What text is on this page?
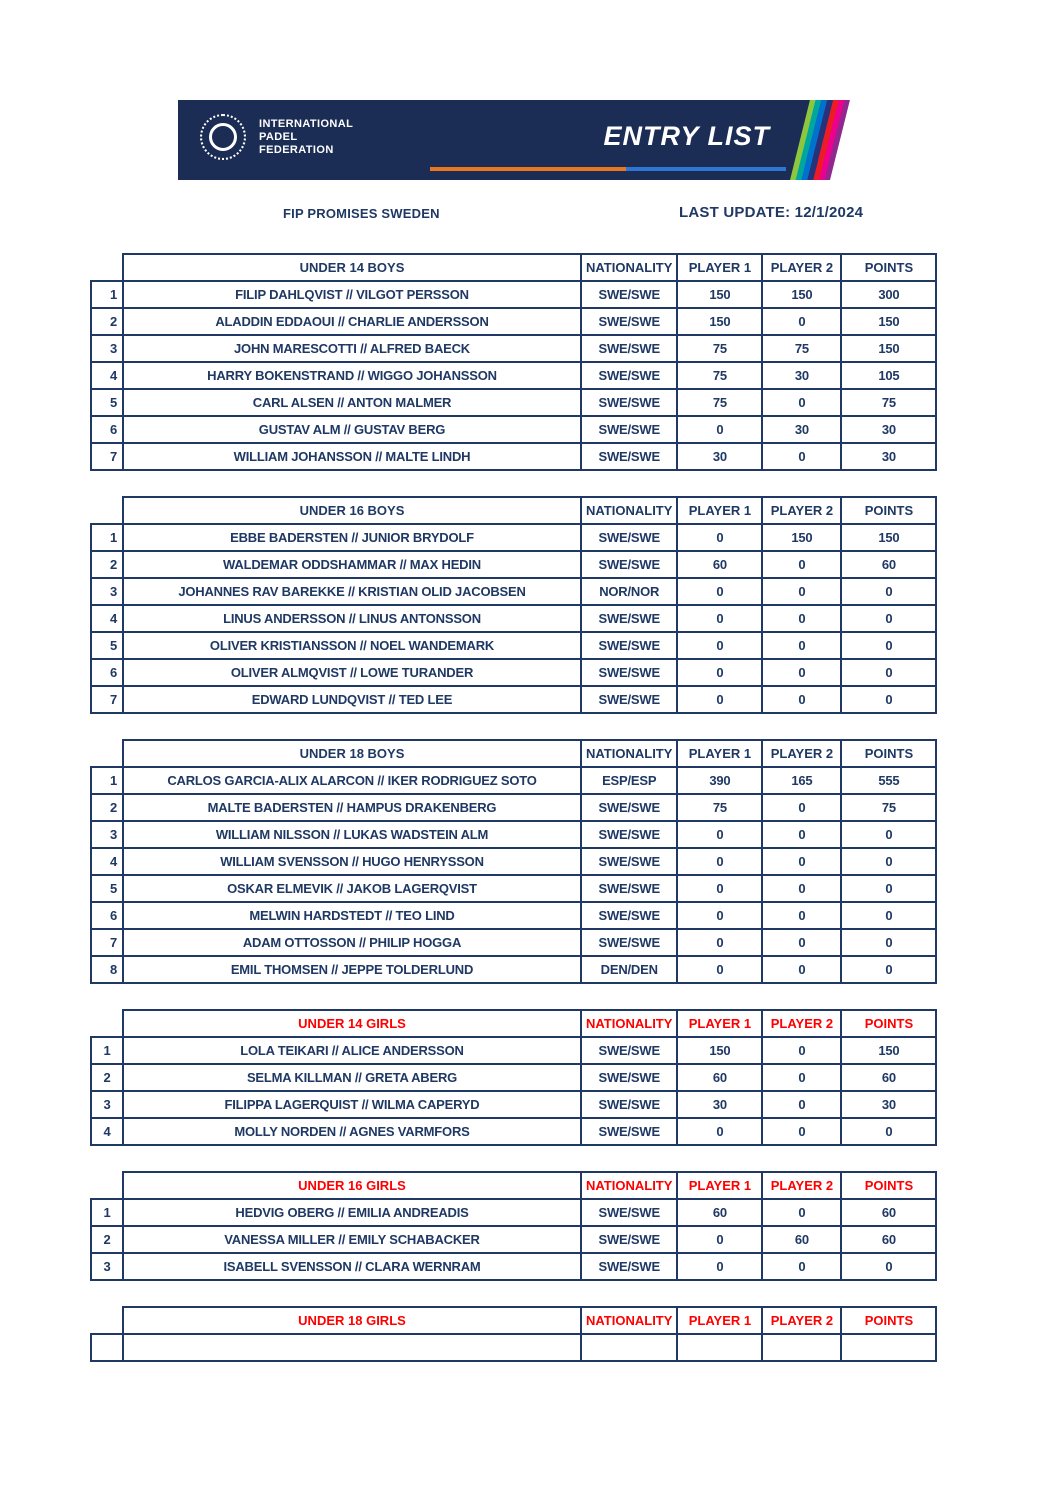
INTERNATIONAL
PADEL
FEDERATION	ENTRY LIST
FIP PROMISES SWEDEN	LAST UPDATE: 12/1/2024
	UNDER 14 BOYS	NATIONALITY	PLAYER 1	PLAYER 2	POINTS
1	FILIP DAHLQVIST // VILGOT PERSSON	SWE/SWE	150	150	300
2	ALADDIN EDDAOUI // CHARLIE ANDERSSON	SWE/SWE	150	0	150
3	JOHN MARESCOTTI // ALFRED BAECK	SWE/SWE	75	75	150
4	HARRY BOKENSTRAND // WIGGO JOHANSSON	SWE/SWE	75	30	105
5	CARL ALSEN // ANTON MALMER	SWE/SWE	75	0	75
6	GUSTAV ALM // GUSTAV BERG	SWE/SWE	0	30	30
7	WILLIAM JOHANSSON // MALTE LINDH	SWE/SWE	30	0	30
	UNDER 16 BOYS	NATIONALITY	PLAYER 1	PLAYER 2	POINTS
1	EBBE BADERSTEN // JUNIOR BRYDOLF	SWE/SWE	0	150	150
2	WALDEMAR ODDSHAMMAR // MAX HEDIN	SWE/SWE	60	0	60
3	JOHANNES RAV BAREKKE // KRISTIAN OLID JACOBSEN	NOR/NOR	0	0	0
4	LINUS ANDERSSON // LINUS ANTONSSON	SWE/SWE	0	0	0
5	OLIVER KRISTIANSSON // NOEL WANDEMARK	SWE/SWE	0	0	0
6	OLIVER ALMQVIST // LOWE TURANDER	SWE/SWE	0	0	0
7	EDWARD LUNDQVIST // TED LEE	SWE/SWE	0	0	0
	UNDER 18 BOYS	NATIONALITY	PLAYER 1	PLAYER 2	POINTS
1	CARLOS GARCIA-ALIX ALARCON // IKER RODRIGUEZ SOTO	ESP/ESP	390	165	555
2	MALTE BADERSTEN // HAMPUS DRAKENBERG	SWE/SWE	75	0	75
3	WILLIAM NILSSON // LUKAS WADSTEIN ALM	SWE/SWE	0	0	0
4	WILLIAM SVENSSON // HUGO HENRYSSON	SWE/SWE	0	0	0
5	OSKAR ELMEVIK // JAKOB LAGERQVIST	SWE/SWE	0	0	0
6	MELWIN HARDSTEDT // TEO LIND	SWE/SWE	0	0	0
7	ADAM OTTOSSON // PHILIP HOGGA	SWE/SWE	0	0	0
8	EMIL THOMSEN // JEPPE TOLDERLUND	DEN/DEN	0	0	0
	UNDER 14 GIRLS	NATIONALITY	PLAYER 1	PLAYER 2	POINTS
1	LOLA TEIKARI // ALICE ANDERSSON	SWE/SWE	150	0	150
2	SELMA KILLMAN // GRETA ABERG	SWE/SWE	60	0	60
3	FILIPPA LAGERQUIST // WILMA CAPERYD	SWE/SWE	30	0	30
4	MOLLY NORDEN // AGNES VARMFORS	SWE/SWE	0	0	0
	UNDER 16 GIRLS	NATIONALITY	PLAYER 1	PLAYER 2	POINTS
1	HEDVIG OBERG // EMILIA ANDREADIS	SWE/SWE	60	0	60
2	VANESSA MILLER // EMILY SCHABACKER	SWE/SWE	0	60	60
3	ISABELL SVENSSON // CLARA WERNRAM	SWE/SWE	0	0	0
	UNDER 18 GIRLS	NATIONALITY	PLAYER 1	PLAYER 2	POINTS
